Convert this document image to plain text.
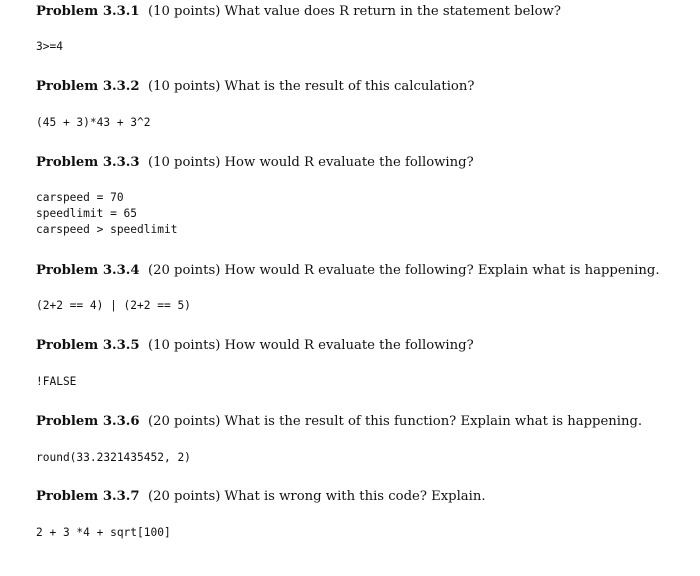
Problem 3.3.1 (10 points) What value does R return in the statement below?

3>=4

Problem 3.3.2 (10 points) What is the result of this calculation?

(45 + 3)*43 + 3^2

Problem 3.3.3 (10 points) How would R evaluate the following?

carspeed = 70

speedlimit = 65

carspeed > speedlimit

Problem 3.3.4 (20 points) How would R evaluate the following? Explain what is happening.

(2+2 == 4) | (2+2 == 5)

Problem 3.3.5 (10 points) How would R evaluate the following?

!FALSE

Problem 3.3.6 (20 points) What is the result of this function? Explain what is happening.

round(33.2321435452, 2)

Problem 3.3.7 (20 points) What is wrong with this code? Explain.

2 + 3 *4 + sqrt[100]
